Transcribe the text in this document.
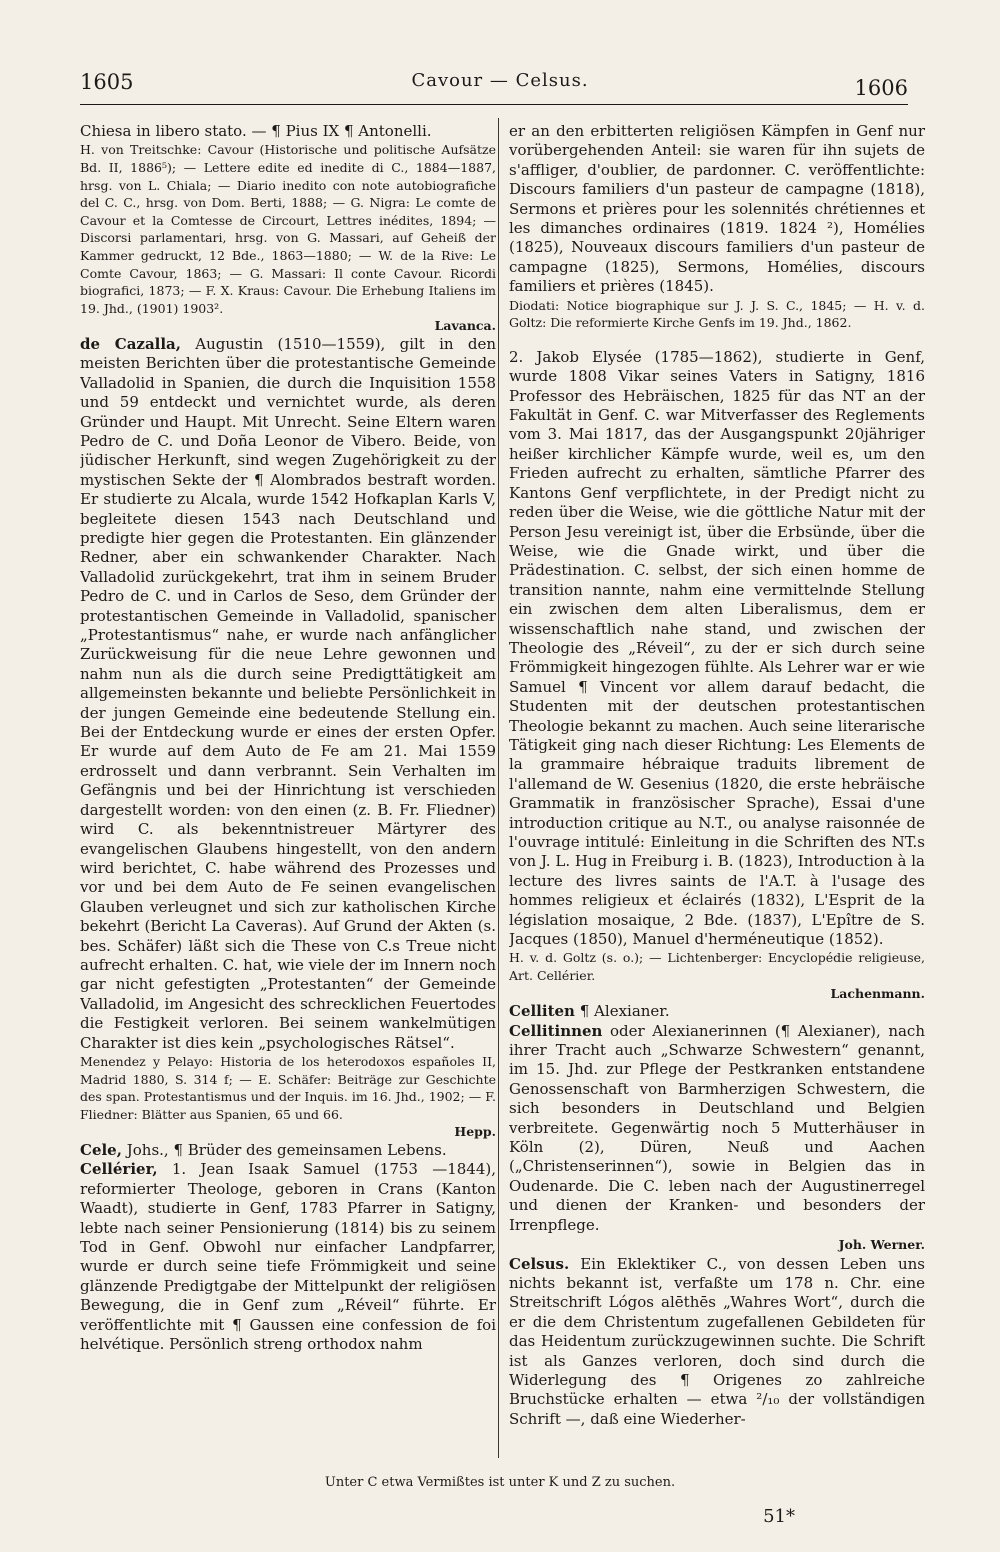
1605	Cavour — Celsus.	1606

Chiesa in libero stato. — ¶ Pius IX ¶ Antonelli.

H. von Treitschke: Cavour (Historische und politische Aufsätze Bd. II, 1886⁵); — Lettere edite ed inedite di C., 1884—1887, hrsg. von L. Chiala; — Diario inedito con note autobiografiche del C. C., hrsg. von Dom. Berti, 1888; — G. Nigra: Le comte de Cavour et la Comtesse de Circourt, Lettres inédites, 1894; — Discorsi parlamentari, hrsg. von G. Massari, auf Geheiß der Kammer gedruckt, 12 Bde., 1863—1880; — W. de la Rive: Le Comte Cavour, 1863; — G. Massari: Il conte Cavour. Ricordi biografici, 1873; — F. X. Kraus: Cavour. Die Erhebung Italiens im 19. Jhd., (1901) 1903².
Lavanca.

de Cazalla, Augustin (1510—1559), gilt in den meisten Berichten über die protestantische Gemeinde Valladolid in Spanien, die durch die Inquisition 1558 und 59 entdeckt und vernichtet wurde, als deren Gründer und Haupt. Mit Unrecht. Seine Eltern waren Pedro de C. und Doña Leonor de Vibero. Beide, von jüdischer Herkunft, sind wegen Zugehörigkeit zu der mystischen Sekte der ¶ Alombrados bestraft worden. Er studierte zu Alcala, wurde 1542 Hofkaplan Karls V, begleitete diesen 1543 nach Deutschland und predigte hier gegen die Protestanten. Ein glänzender Redner, aber ein schwankender Charakter. Nach Valladolid zurückgekehrt, trat ihm in seinem Bruder Pedro de C. und in Carlos de Seso, dem Gründer der protestantischen Gemeinde in Valladolid, spanischer „Protestantismus“ nahe, er wurde nach anfänglicher Zurückweisung für die neue Lehre gewonnen und nahm nun als die durch seine Predigttätigkeit am allgemeinsten bekannte und beliebte Persönlichkeit in der jungen Gemeinde eine bedeutende Stellung ein. Bei der Entdeckung wurde er eines der ersten Opfer. Er wurde auf dem Auto de Fe am 21. Mai 1559 erdrosselt und dann verbrannt. Sein Verhalten im Gefängnis und bei der Hinrichtung ist verschieden dargestellt worden: von den einen (z. B. Fr. Fliedner) wird C. als bekenntnistreuer Märtyrer des evangelischen Glaubens hingestellt, von den andern wird berichtet, C. habe während des Prozesses und vor und bei dem Auto de Fe seinen evangelischen Glauben verleugnet und sich zur katholischen Kirche bekehrt (Bericht La Caveras). Auf Grund der Akten (s. bes. Schäfer) läßt sich die These von C.s Treue nicht aufrecht erhalten. C. hat, wie viele der im Innern noch gar nicht gefestigten „Protestanten“ der Gemeinde Valladolid, im Angesicht des schrecklichen Feuertodes die Festigkeit verloren. Bei seinem wankelmütigen Charakter ist dies kein „psychologisches Rätsel“.

Menendez y Pelayo: Historia de los heterodoxos españoles II, Madrid 1880, S. 314 f; — E. Schäfer: Beiträge zur Geschichte des span. Protestantismus und der Inquis. im 16. Jhd., 1902; — F. Fliedner: Blätter aus Spanien, 65 und 66.
Hepp.

Cele, Johs., ¶ Brüder des gemeinsamen Lebens.

Cellérier, 1. Jean Isaak Samuel (1753 —1844), reformierter Theologe, geboren in Crans (Kanton Waadt), studierte in Genf, 1783 Pfarrer in Satigny, lebte nach seiner Pensionierung (1814) bis zu seinem Tod in Genf. Obwohl nur einfacher Landpfarrer, wurde er durch seine tiefe Frömmigkeit und seine glänzende Predigtgabe der Mittelpunkt der religiösen Bewegung, die in Genf zum „Réveil“ führte. Er veröffentlichte mit ¶ Gaussen eine confession de foi helvétique. Persönlich streng orthodox nahm

er an den erbitterten religiösen Kämpfen in Genf nur vorübergehenden Anteil: sie waren für ihn sujets de s'affliger, d'oublier, de pardonner. C. veröffentlichte: Discours familiers d'un pasteur de campagne (1818), Sermons et prières pour les solennités chrétiennes et les dimanches ordinaires (1819. 1824 ²), Homélies (1825), Nouveaux discours familiers d'un pasteur de campagne (1825), Sermons, Homélies, discours familiers et prières (1845).

Diodati: Notice biographique sur J. J. S. C., 1845; — H. v. d. Goltz: Die reformierte Kirche Genfs im 19. Jhd., 1862.

2. Jakob Elysée (1785—1862), studierte in Genf, wurde 1808 Vikar seines Vaters in Satigny, 1816 Professor des Hebräischen, 1825 für das NT an der Fakultät in Genf. C. war Mitverfasser des Reglements vom 3. Mai 1817, das der Ausgangspunkt 20jähriger heißer kirchlicher Kämpfe wurde, weil es, um den Frieden aufrecht zu erhalten, sämtliche Pfarrer des Kantons Genf verpflichtete, in der Predigt nicht zu reden über die Weise, wie die göttliche Natur mit der Person Jesu vereinigt ist, über die Erbsünde, über die Weise, wie die Gnade wirkt, und über die Prädestination. C. selbst, der sich einen homme de transition nannte, nahm eine vermittelnde Stellung ein zwischen dem alten Liberalismus, dem er wissenschaftlich nahe stand, und zwischen der Theologie des „Réveil“, zu der er sich durch seine Frömmigkeit hingezogen fühlte. Als Lehrer war er wie Samuel ¶ Vincent vor allem darauf bedacht, die Studenten mit der deutschen protestantischen Theologie bekannt zu machen. Auch seine literarische Tätigkeit ging nach dieser Richtung: Les Elements de la grammaire hébraique traduits librement de l'allemand de W. Gesenius (1820, die erste hebräische Grammatik in französischer Sprache), Essai d'une introduction critique au N.T., ou analyse raisonnée de l'ouvrage intitulé: Einleitung in die Schriften des NT.s von J. L. Hug in Freiburg i. B. (1823), Introduction à la lecture des livres saints de l'A.T. à l'usage des hommes religieux et éclairés (1832), L'Esprit de la législation mosaique, 2 Bde. (1837), L'Epître de S. Jacques (1850), Manuel d'herméneutique (1852).

H. v. d. Goltz (s. o.); — Lichtenberger: Encyclopédie religieuse, Art. Cellérier.
Lachenmann.

Celliten ¶ Alexianer.

Cellitinnen oder Alexianerinnen (¶ Alexianer), nach ihrer Tracht auch „Schwarze Schwestern“ genannt, im 15. Jhd. zur Pflege der Pestkranken entstandene Genossenschaft von Barmherzigen Schwestern, die sich besonders in Deutschland und Belgien verbreitete. Gegenwärtig noch 5 Mutterhäuser in Köln (2), Düren, Neuß und Aachen („Christenserinnen“), sowie in Belgien das in Oudenarde. Die C. leben nach der Augustinerregel und dienen der Kranken- und besonders der Irrenpflege.
Joh. Werner.

Celsus. Ein Eklektiker C., von dessen Leben uns nichts bekannt ist, verfaßte um 178 n. Chr. eine Streitschrift Lógos alēthēs „Wahres Wort“, durch die er die dem Christentum zugefallenen Gebildeten für das Heidentum zurückzugewinnen suchte. Die Schrift ist als Ganzes verloren, doch sind durch die Widerlegung des ¶ Origenes zo zahlreiche Bruchstücke erhalten — etwa ²/₁₀ der vollständigen Schrift —, daß eine Wiederher-

Unter C etwa Vermißtes ist unter K und Z zu suchen.
51*
